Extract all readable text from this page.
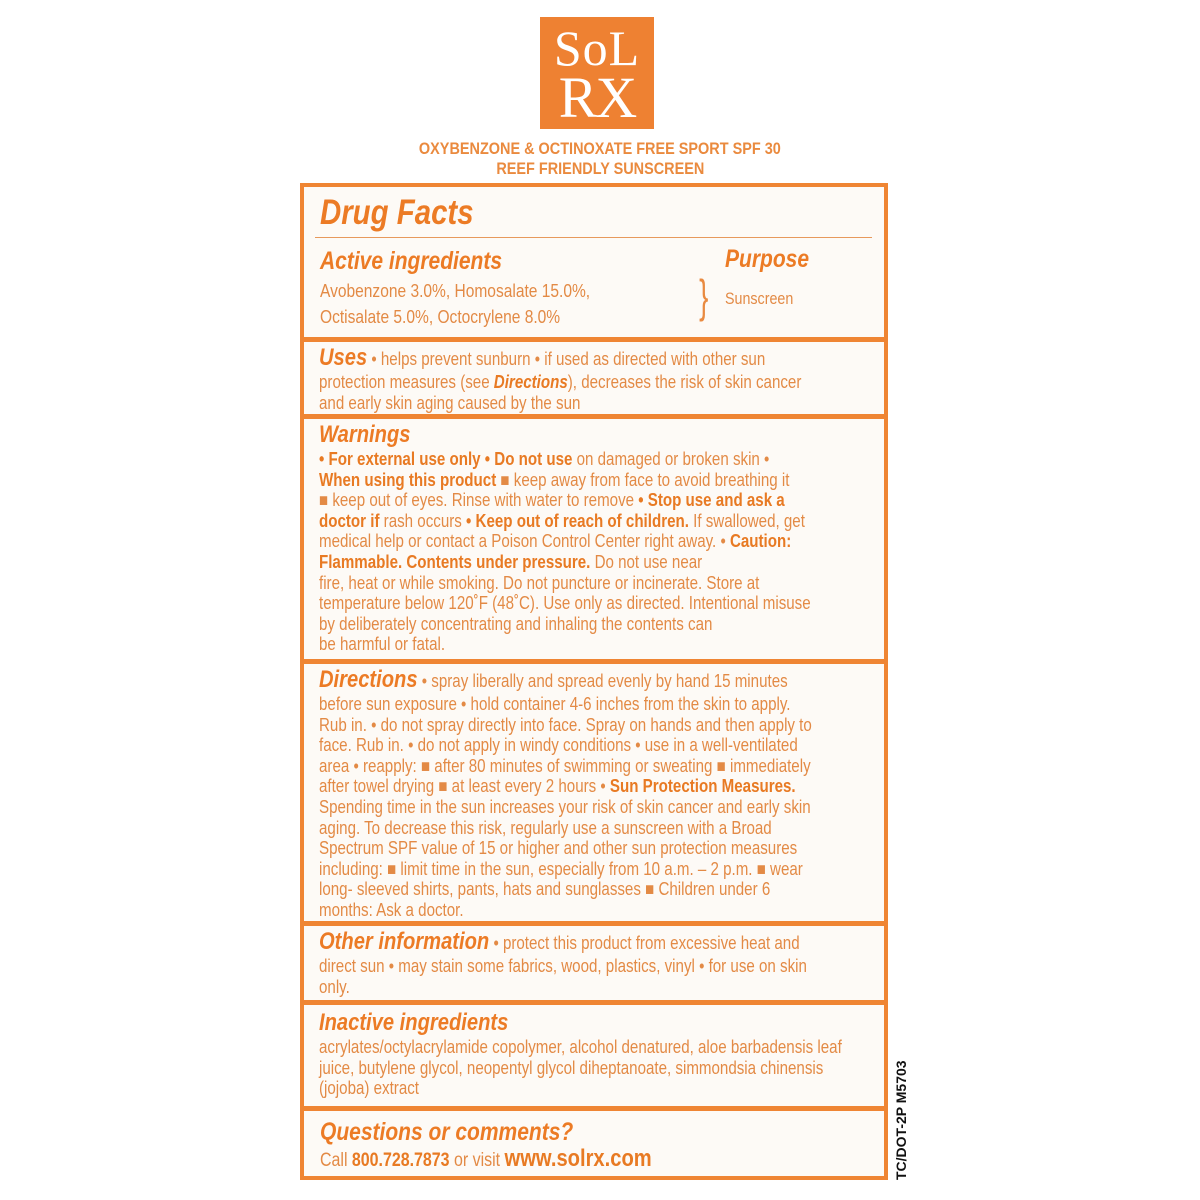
SoL
RX
OXYBENZONE & OCTINOXATE FREE SPORT SPF 30
REEF FRIENDLY SUNSCREEN
Drug Facts
Active ingredients
Avobenzone 3.0%, Homosalate 15.0%,
Octisalate 5.0%, Octocrylene 8.0%	}
Purpose
Sunscreen
Uses • helps prevent sunburn • if used as directed with other sun
protection measures (see Directions), decreases the risk of skin cancer
and early skin aging caused by the sun
Warnings
• For external use only • Do not use on damaged or broken skin •
When using this product ■ keep away from face to avoid breathing it
■ keep out of eyes. Rinse with water to remove • Stop use and ask a
doctor if rash occurs • Keep out of reach of children. If swallowed, get
medical help or contact a Poison Control Center right away. • Caution:
Flammable. Contents under pressure. Do not use near
fire, heat or while smoking. Do not puncture or incinerate. Store at
temperature below 120˚F (48˚C). Use only as directed. Intentional misuse
by deliberately concentrating and inhaling the contents can
be harmful or fatal.
Directions • spray liberally and spread evenly by hand 15 minutes
before sun exposure • hold container 4-6 inches from the skin to apply.
Rub in. • do not spray directly into face. Spray on hands and then apply to
face. Rub in. • do not apply in windy conditions • use in a well-ventilated
area • reapply: ■ after 80 minutes of swimming or sweating ■ immediately
after towel drying ■ at least every 2 hours • Sun Protection Measures.
Spending time in the sun increases your risk of skin cancer and early skin
aging. To decrease this risk, regularly use a sunscreen with a Broad
Spectrum SPF value of 15 or higher and other sun protection measures
including: ■ limit time in the sun, especially from 10 a.m. – 2 p.m. ■ wear
long- sleeved shirts, pants, hats and sunglasses ■ Children under 6
months: Ask a doctor.
Other information • protect this product from excessive heat and
direct sun • may stain some fabrics, wood, plastics, vinyl • for use on skin
only.
Inactive ingredients
acrylates/octylacrylamide copolymer, alcohol denatured, aloe barbadensis leaf
juice, butylene glycol, neopentyl glycol diheptanoate, simmondsia chinensis
(jojoba) extract
Questions or comments?
Call 800.728.7873 or visit www.solrx.com	TC/DOT-2P M5703
